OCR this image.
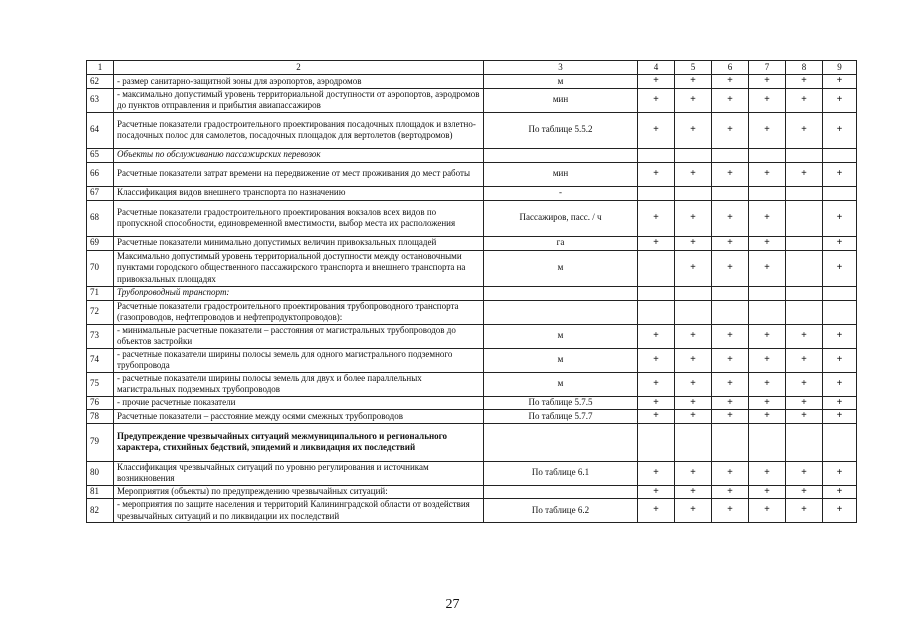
1	2	3	4	5	6	7	8	9
62	- размер санитарно-защитной зоны для аэропортов, аэродромов	м	+	+	+	+	+	+
63	- максимально допустимый уровень территориальной доступности от аэропортов, аэродромов до пунктов отправления и прибытия авиапассажиров	мин	+	+	+	+	+	+
64	Расчетные показатели градостроительного проектирования посадочных площадок и взлетно-посадочных полос для самолетов, посадочных площадок для вертолетов (вертодромов)	По таблице 5.5.2	+	+	+	+	+	+
65	Объекты по обслуживанию пассажирских перевозок							
66	Расчетные показатели затрат времени на передвижение от мест проживания до мест работы	мин	+	+	+	+	+	+
67	Классификация видов внешнего транспорта по назначению	-						
68	Расчетные показатели градостроительного проектирования вокзалов всех видов по пропускной способности, единовременной вместимости, выбор места их расположения	Пассажиров, пасс. / ч	+	+	+	+		+
69	Расчетные показатели минимально допустимых величин привокзальных площадей	га	+	+	+	+		+
70	Максимально допустимый уровень территориальной доступности между остановочными пунктами городского общественного пассажирского транспорта и внешнего транспорта на привокзальных площадях	м		+	+	+		+
71	Трубопроводный транспорт:							
72	Расчетные показатели градостроительного проектирования трубопроводного транспорта (газопроводов, нефтепроводов и нефтепродуктопроводов):							
73	- минимальные расчетные показатели – расстояния от магистральных трубопроводов до объектов застройки	м	+	+	+	+	+	+
74	- расчетные показатели ширины полосы земель для одного магистрального подземного трубопровода	м	+	+	+	+	+	+
75	- расчетные показатели ширины полосы земель для двух и более параллельных магистральных подземных трубопроводов	м	+	+	+	+	+	+
76	- прочие расчетные показатели	По таблице 5.7.5	+	+	+	+	+	+
78	Расчетные показатели – расстояние между осями смежных трубопроводов	По таблице 5.7.7	+	+	+	+	+	+
79	Предупреждение чрезвычайных ситуаций межмуниципального и регионального характера, стихийных бедствий, эпидемий и ликвидация их последствий							
80	Классификация чрезвычайных ситуаций по уровню регулирования и источникам возникновения	По таблице 6.1	+	+	+	+	+	+
81	Мероприятия (объекты) по предупреждению чрезвычайных ситуаций:		+	+	+	+	+	+
82	- мероприятия по защите населения и территорий Калининградской области от воздействия чрезвычайных ситуаций и по ликвидации их последствий	По таблице 6.2	+	+	+	+	+	+
27
